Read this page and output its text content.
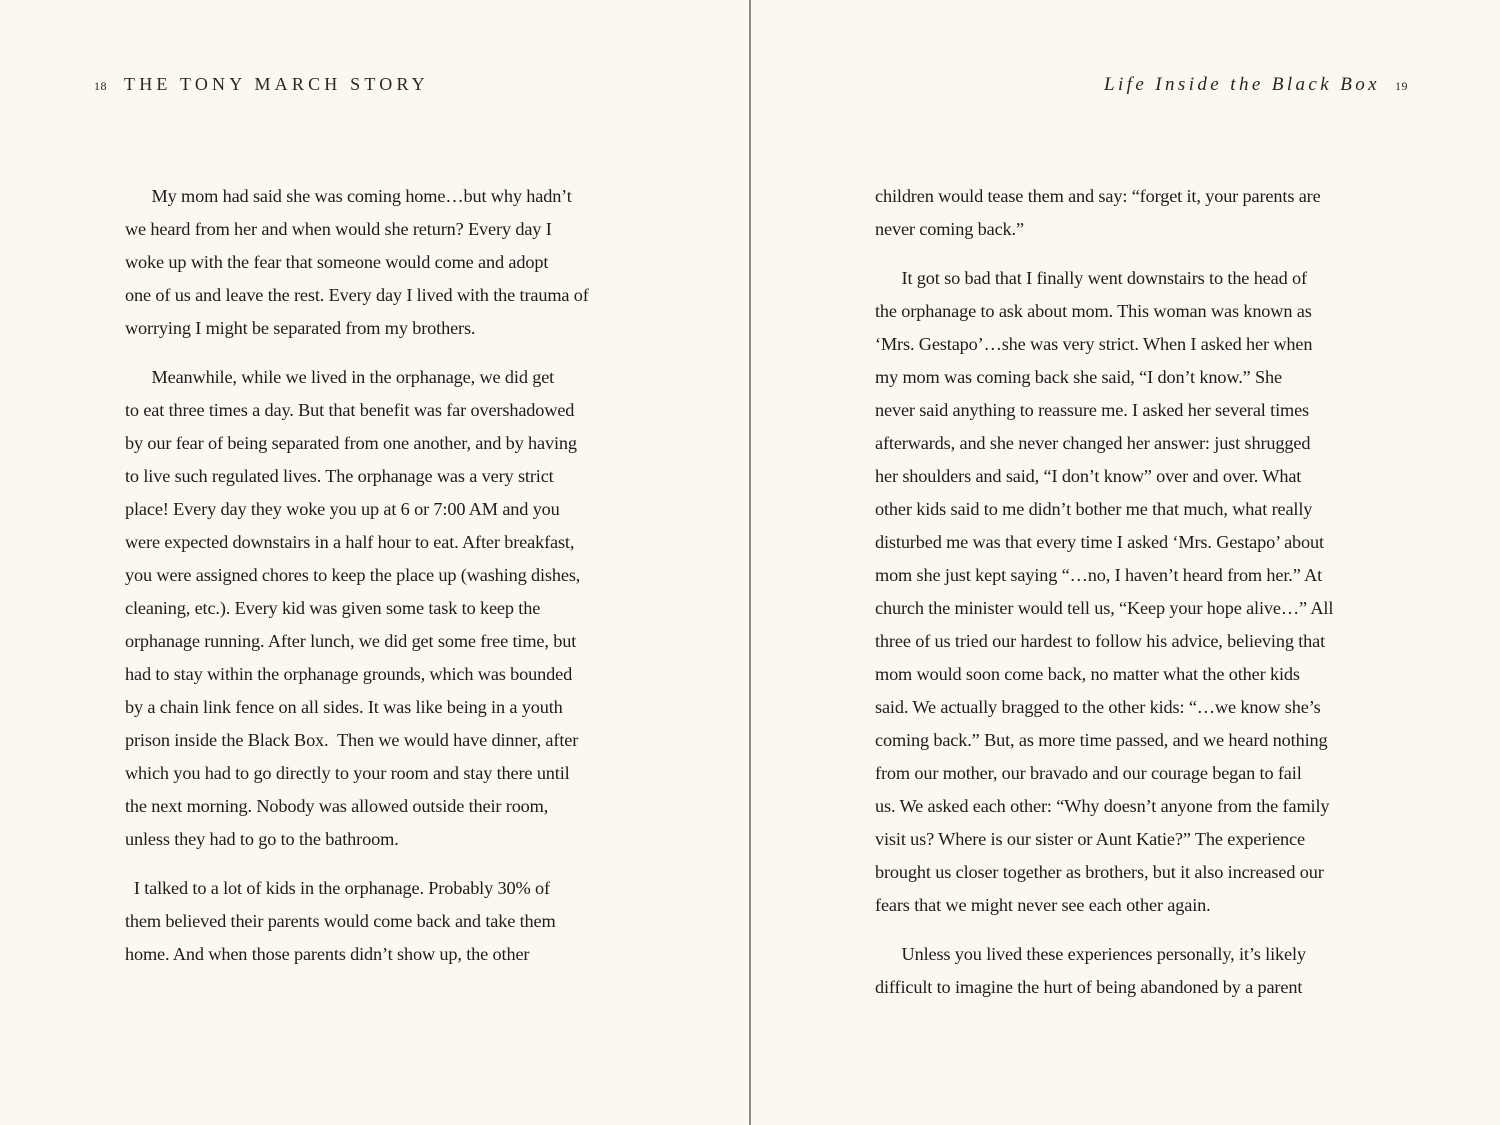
18 THE TONY MARCH STORY
My mom had said she was coming home…but why hadn’t
we heard from her and when would she return? Every day I
woke up with the fear that someone would come and adopt
one of us and leave the rest. Every day I lived with the trauma of
worrying I might be separated from my brothers.
Meanwhile, while we lived in the orphanage, we did get
to eat three times a day. But that benefit was far overshadowed
by our fear of being separated from one another, and by having
to live such regulated lives. The orphanage was a very strict
place! Every day they woke you up at 6 or 7:00 AM and you
were expected downstairs in a half hour to eat. After breakfast,
you were assigned chores to keep the place up (washing dishes,
cleaning, etc.). Every kid was given some task to keep the
orphanage running. After lunch, we did get some free time, but
had to stay within the orphanage grounds, which was bounded
by a chain link fence on all sides. It was like being in a youth
prison inside the Black Box.  Then we would have dinner, after
which you had to go directly to your room and stay there until
the next morning. Nobody was allowed outside their room,
unless they had to go to the bathroom.
I talked to a lot of kids in the orphanage. Probably 30% of
them believed their parents would come back and take them
home. And when those parents didn’t show up, the other
Life Inside the Black Box 19
children would tease them and say: “forget it, your parents are
never coming back.”
It got so bad that I finally went downstairs to the head of
the orphanage to ask about mom. This woman was known as
‘Mrs. Gestapo’…she was very strict. When I asked her when
my mom was coming back she said, “I don’t know.” She
never said anything to reassure me. I asked her several times
afterwards, and she never changed her answer: just shrugged
her shoulders and said, “I don’t know” over and over. What
other kids said to me didn’t bother me that much, what really
disturbed me was that every time I asked ‘Mrs. Gestapo’ about
mom she just kept saying “…no, I haven’t heard from her.” At
church the minister would tell us, “Keep your hope alive…” All
three of us tried our hardest to follow his advice, believing that
mom would soon come back, no matter what the other kids
said. We actually bragged to the other kids: “…we know she’s
coming back.” But, as more time passed, and we heard nothing
from our mother, our bravado and our courage began to fail
us. We asked each other: “Why doesn’t anyone from the family
visit us? Where is our sister or Aunt Katie?” The experience
brought us closer together as brothers, but it also increased our
fears that we might never see each other again.
Unless you lived these experiences personally, it’s likely
difficult to imagine the hurt of being abandoned by a parent
